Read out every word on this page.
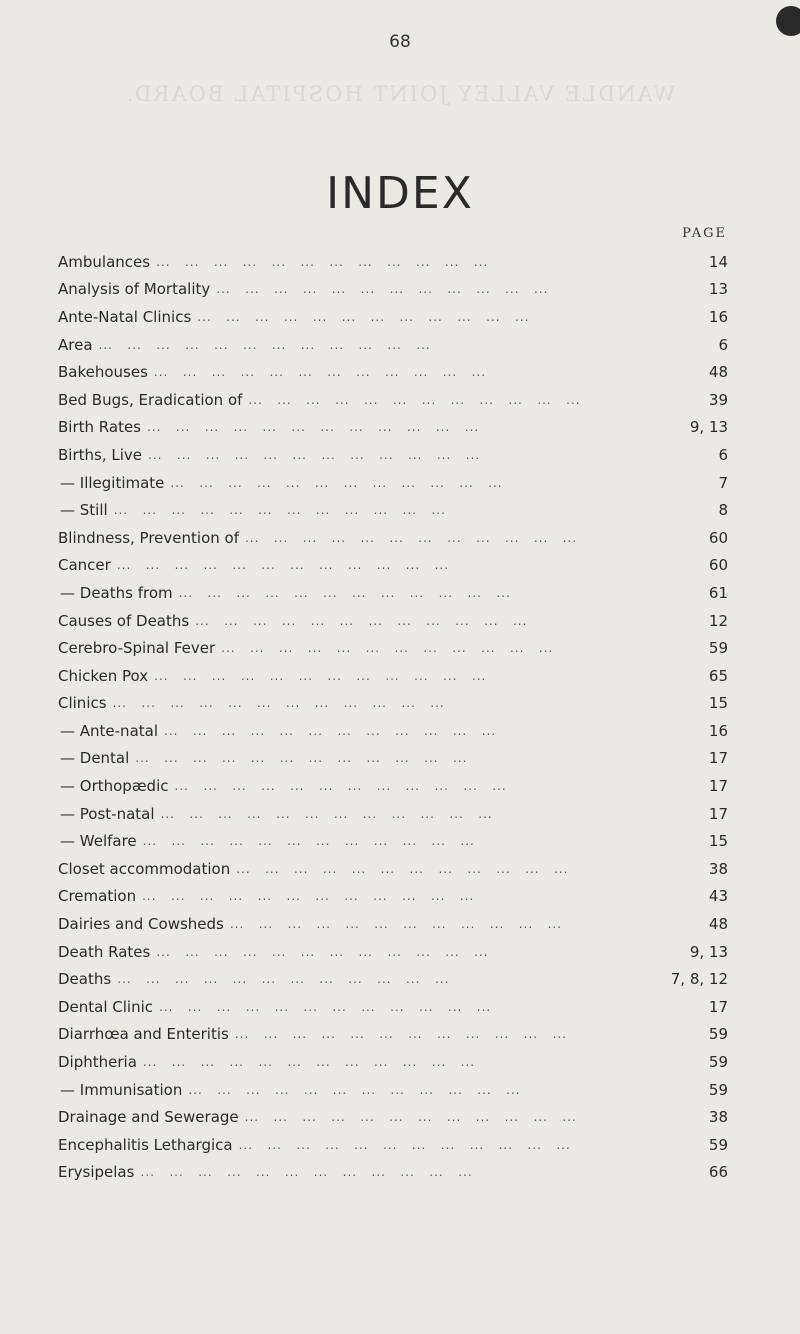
68
WANDLE VALLEY JOINT HOSPITAL BOARD.
INDEX
PAGE
Ambulances ...	14
Analysis of Mortality ...	13
Ante-Natal Clinics ...	16
Area ...	6
Bakehouses ...	48
Bed Bugs, Eradication of ...	39
Birth Rates ...	9, 13
Births, Live ...	6
— Illegitimate ...	7
— Still ...	8
Blindness, Prevention of ...	60
Cancer ...	60
— Deaths from ...	61
Causes of Deaths ...	12
Cerebro-Spinal Fever ...	59
Chicken Pox ...	65
Clinics ...	15
— Ante-natal ...	16
— Dental ...	17
— Orthopædic ...	17
— Post-natal ...	17
— Welfare ...	15
Closet accommodation ...	38
Cremation ...	43
Dairies and Cowsheds ...	48
Death Rates ...	9, 13
Deaths ...	7, 8, 12
Dental Clinic ...	17
Diarrhœa and Enteritis ...	59
Diphtheria ...	59
— Immunisation ...	59
Drainage and Sewerage ...	38
Encephalitis Lethargica ...	59
Erysipelas ...	66
